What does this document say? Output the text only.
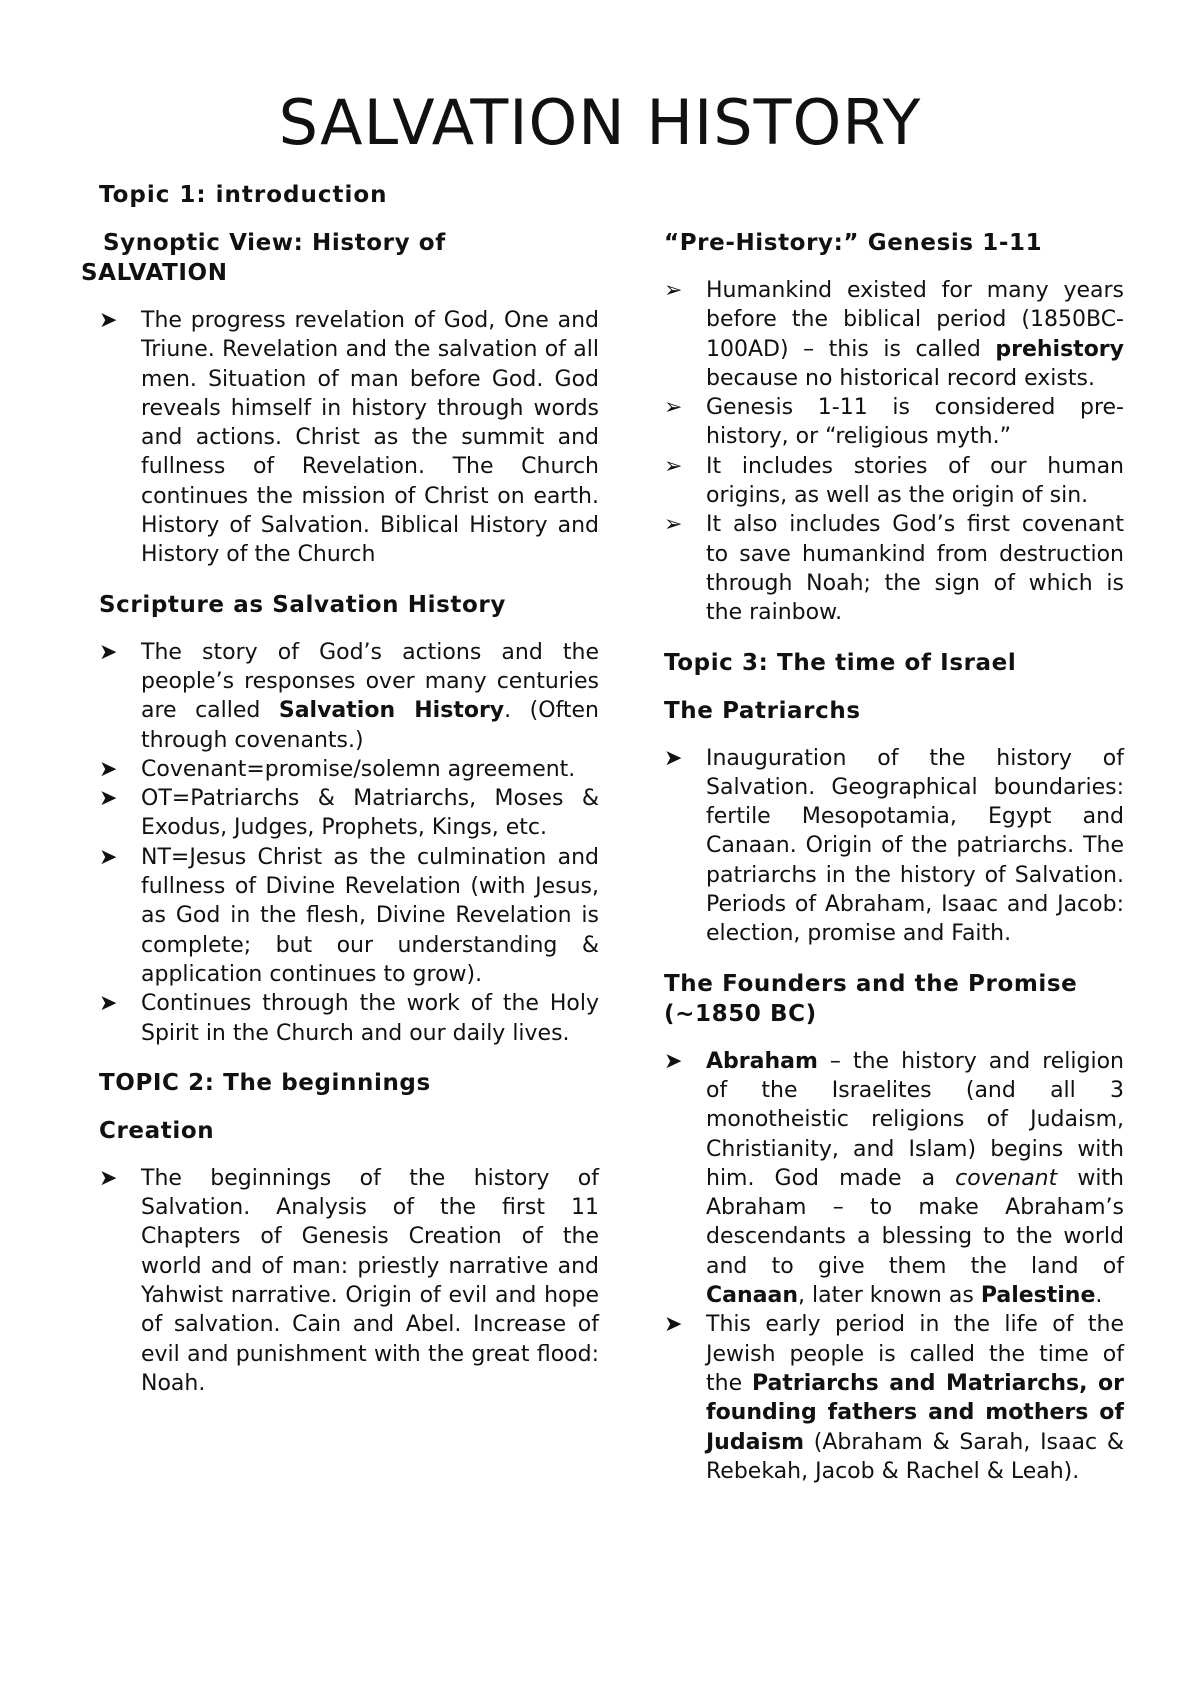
SALVATION HISTORY
Topic 1: introduction
Synoptic View: History of SALVATION
➤	The progress revelation of God, One and Triune. Revelation and the salvation of all men. Situation of man before God. God reveals himself in history through words and actions. Christ as the summit and fullness of Revelation. The Church continues the mission of Christ on earth. History of Salvation. Biblical History and History of the Church
Scripture as Salvation History
➤	The story of God’s actions and the people’s responses over many centuries are called Salvation History. (Often through covenants.)
➤	Covenant=promise/solemn agreement.
➤	OT=Patriarchs & Matriarchs, Moses & Exodus, Judges, Prophets, Kings, etc.
➤	NT=Jesus Christ as the culmination and fullness of Divine Revelation (with Jesus, as God in the flesh, Divine Revelation is complete; but our understanding & application continues to grow).
➤	Continues through the work of the Holy Spirit in the Church and our daily lives.
TOPIC 2: The beginnings
Creation
➤	The beginnings of the history of Salvation. Analysis of the first 11 Chapters of Genesis Creation of the world and of man: priestly narrative and Yahwist narrative. Origin of evil and hope of salvation. Cain and Abel. Increase of evil and punishment with the great flood: Noah.
“Pre-History:” Genesis 1-11
➢	Humankind existed for many years before the biblical period (1850BC-100AD) – this is called prehistory because no historical record exists.
➢	Genesis 1-11 is considered pre-history, or “religious myth.”
➢	It includes stories of our human origins, as well as the origin of sin.
➢	It also includes God’s first covenant to save humankind from destruction through Noah; the sign of which is the rainbow.
Topic 3: The time of Israel
The Patriarchs
➤	Inauguration of the history of Salvation. Geographical boundaries: fertile Mesopotamia, Egypt and Canaan. Origin of the patriarchs. The patriarchs in the history of Salvation. Periods of Abraham, Isaac and Jacob: election, promise and Faith.
The Founders and the Promise (~1850 BC)
➤	Abraham – the history and religion of the Israelites (and all 3 monotheistic religions of Judaism, Christianity, and Islam) begins with him. God made a covenant with Abraham – to make Abraham’s descendants a blessing to the world and to give them the land of Canaan, later known as Palestine.
➤	This early period in the life of the Jewish people is called the time of the Patriarchs and Matriarchs, or founding fathers and mothers of Judaism (Abraham & Sarah, Isaac & Rebekah, Jacob & Rachel & Leah).
